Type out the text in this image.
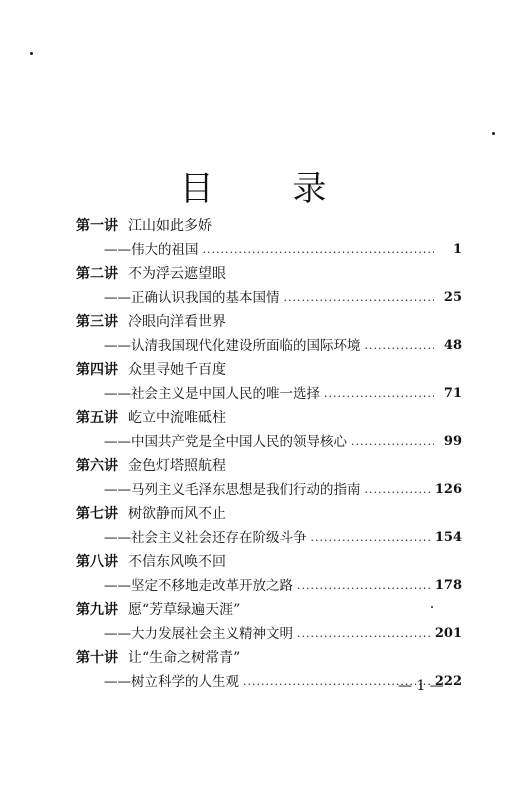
目 录
第一讲 江山如此多娇
——伟大的祖国 .....	1
第二讲 不为浮云遮望眼
——正确认识我国的基本国情 .....	25
第三讲 冷眼向洋看世界
——认清我国现代化建设所面临的国际环境 .....	48
第四讲 众里寻她千百度
——社会主义是中国人民的唯一选择 .....	71
第五讲 屹立中流唯砥柱
——中国共产党是全中国人民的领导核心 .....	99
第六讲 金色灯塔照航程
——马列主义毛泽东思想是我们行动的指南 .....	126
第七讲 树欲静而风不止
——社会主义社会还存在阶级斗争 .....	154
第八讲 不信东风唤不回
——坚定不移地走改革开放之路 .....	178
第九讲 愿“芳草绿遍天涯”
——大力发展社会主义精神文明 .....	201
第十讲 让“生命之树常青”
——树立科学的人生观 .....	222
— 1 —
